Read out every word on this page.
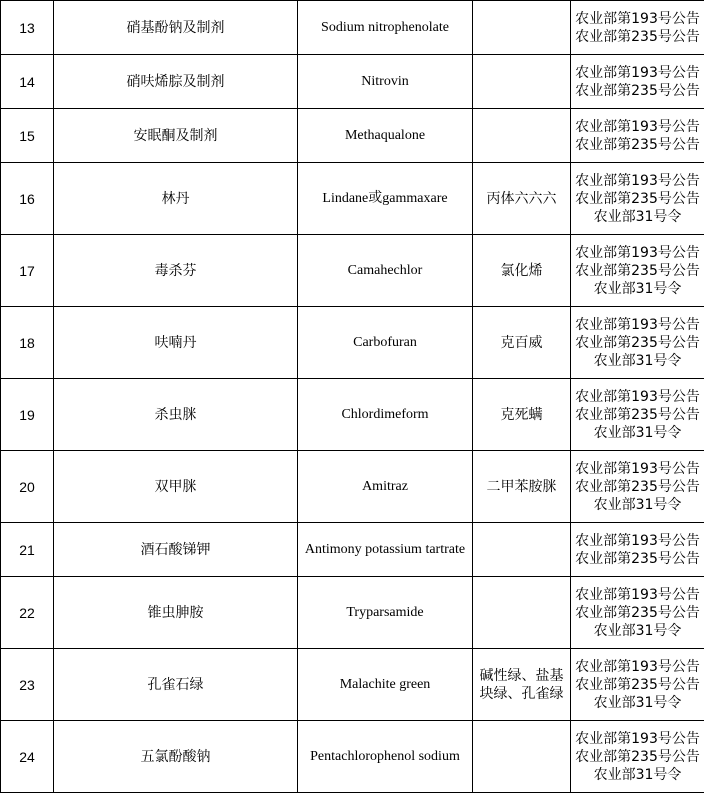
13	硝基酚钠及制剂	Sodium nitrophenolate		农业部第193号公告
农业部第235号公告

14	硝呋烯腙及制剂	Nitrovin		农业部第193号公告
农业部第235号公告

15	安眠酮及制剂	Methaqualone		农业部第193号公告
农业部第235号公告

16	林丹	Lindane或gammaxare	丙体六六六	农业部第193号公告
农业部第235号公告
农业部31号令

17	毒杀芬	Camahechlor	氯化烯	农业部第193号公告
农业部第235号公告
农业部31号令

18	呋喃丹	Carbofuran	克百威	农业部第193号公告
农业部第235号公告
农业部31号令

19	杀虫脒	Chlordimeform	克死螨	农业部第193号公告
农业部第235号公告
农业部31号令

20	双甲脒	Amitraz	二甲苯胺脒	农业部第193号公告
农业部第235号公告
农业部31号令

21	酒石酸锑钾	Antimony potassium tartrate		农业部第193号公告
农业部第235号公告

22	锥虫胂胺	Tryparsamide		农业部第193号公告
农业部第235号公告
农业部31号令

23	孔雀石绿	Malachite green	碱性绿、盐基块绿、孔雀绿	农业部第193号公告
农业部第235号公告
农业部31号令

24	五氯酚酸钠	Pentachlorophenol sodium		农业部第193号公告
农业部第235号公告
农业部31号令
